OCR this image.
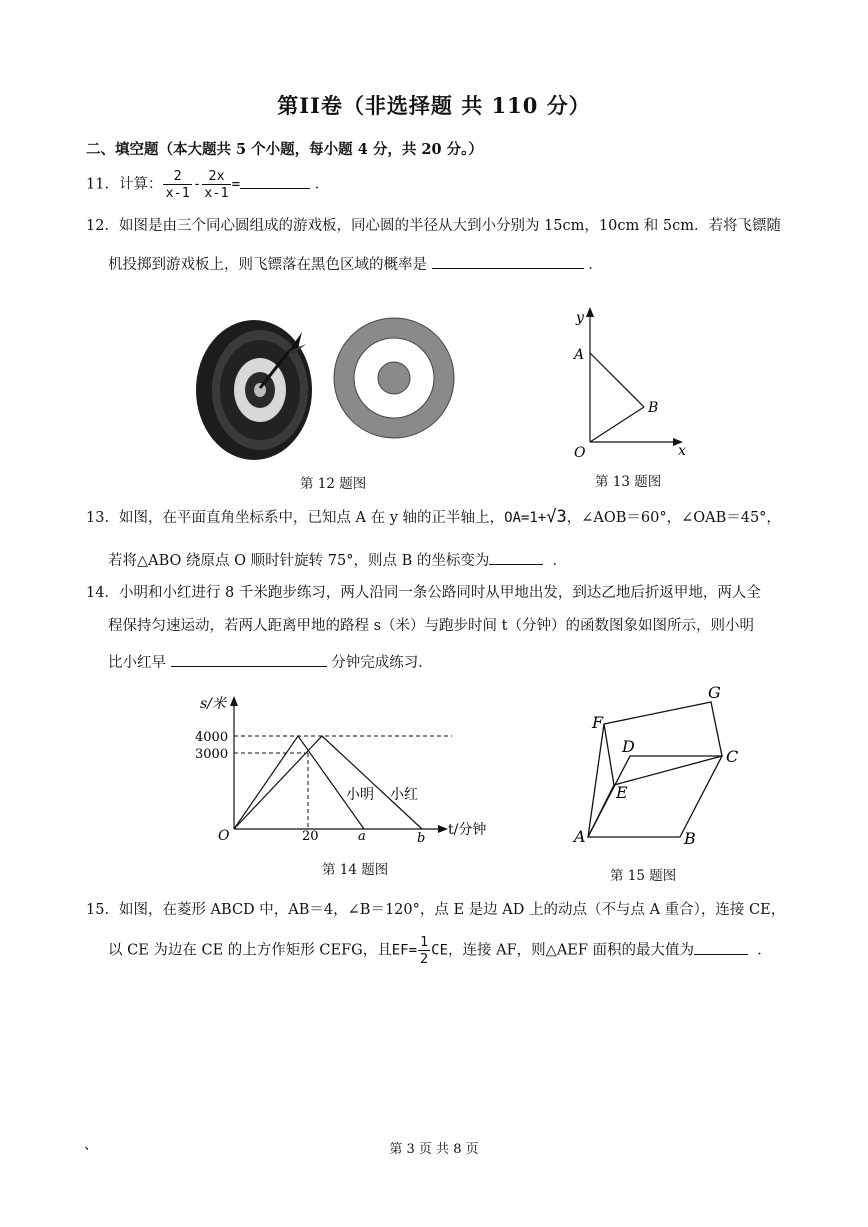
第II卷（非选择题 共 110 分）
二、填空题（本大题共 5 个小题，每小题 4 分，共 20 分。）
11．计算： $\frac{2}{x-1} - \frac{2x}{x-1}$ =	．
12．如图是由三个同心圆组成的游戏板，同心圆的半径从大到小分别为 15cm，10cm 和 5cm．若将飞镖随
机投掷到游戏板上，则飞镖落在黑色区域的概率是	．
第 12 题图
y
x
A
B
O
第 13 题图
13．如图，在平面直角坐标系中，已知点 A 在 y 轴的正半轴上，OA=1+√3，∠AOB＝60°，∠OAB＝45°，
若将△ABO 绕原点 O 顺时针旋转 75°，则点 B 的坐标变为	．
14．小明和小红进行 8 千米跑步练习，两人沿同一条公路同时从甲地出发，到达乙地后折返甲地，两人全
程保持匀速运动，若两人距离甲地的路程 s（米）与跑步时间 t（分钟）的函数图象如图所示，则小明
比小红早	分钟完成练习．
s/米
4000
3000
O	20	a	b
t/分钟
小明 小红
第 14 题图
A	B
C
D
E
F
G
第 15 题图
15．如图，在菱形 ABCD 中，AB＝4，∠B＝120°，点 E 是边 AD 上的动点（不与点 A 重合），连接 CE，
以 CE 为边在 CE 的上方作矩形 CEFG，且$EF= \frac{1}{2}$ CE，连接 AF，则△AEF 面积的最大值为	．
、	第 3 页 共 8 页
